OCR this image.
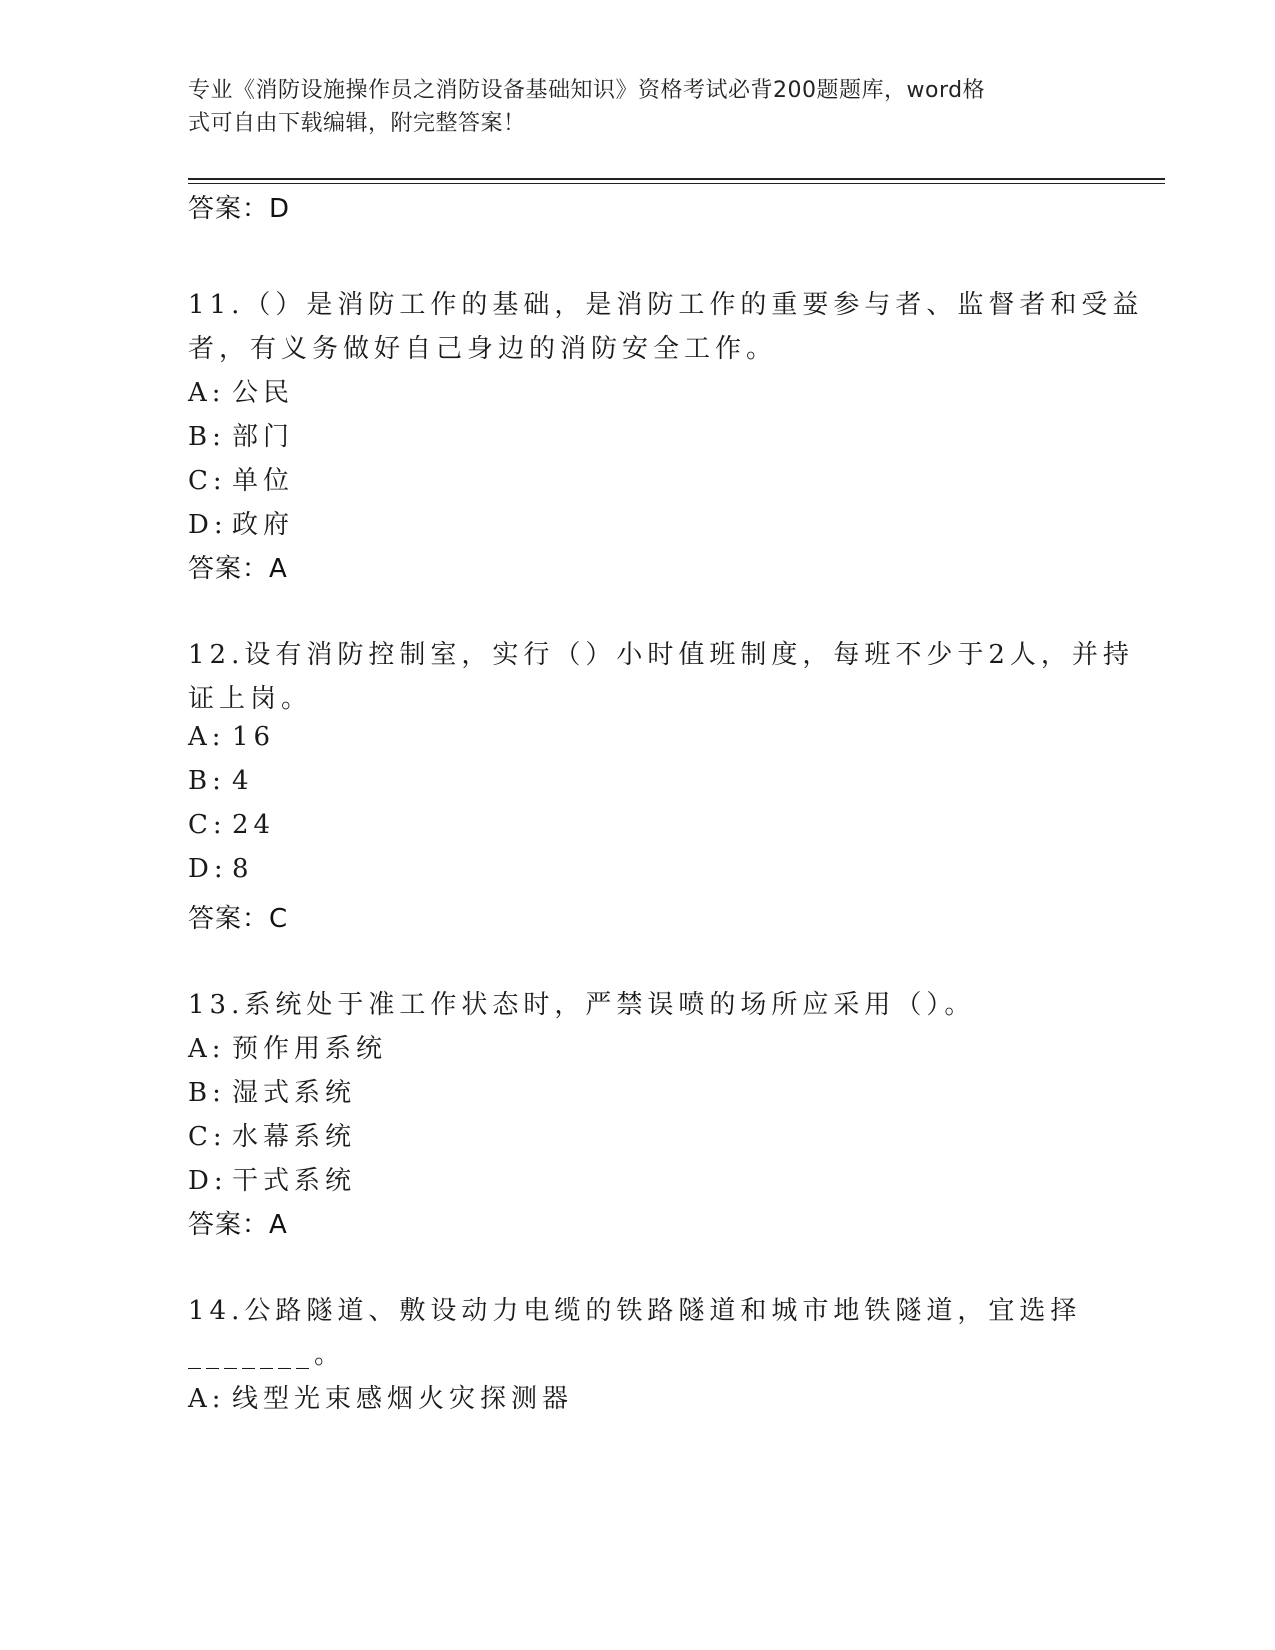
专业《消防设施操作员之消防设备基础知识》资格考试必背200题题库，word格
式可自由下载编辑，附完整答案！
答案：D
11.（）是消防工作的基础，是消防工作的重要参与者、监督者和受益
者，有义务做好自己身边的消防安全工作。
A: 公民
B: 部门
C: 单位
D: 政府
答案：A
12.设有消防控制室，实行（）小时值班制度，每班不少于2人，并持
证上岗。
A: 16
B: 4
C: 24
D: 8
答案：C
13.系统处于准工作状态时，严禁误喷的场所应采用（）。
A: 预作用系统
B: 湿式系统
C: 水幕系统
D: 干式系统
答案：A
14.公路隧道、敷设动力电缆的铁路隧道和城市地铁隧道，宜选择
_______。
A: 线型光束感烟火灾探测器
